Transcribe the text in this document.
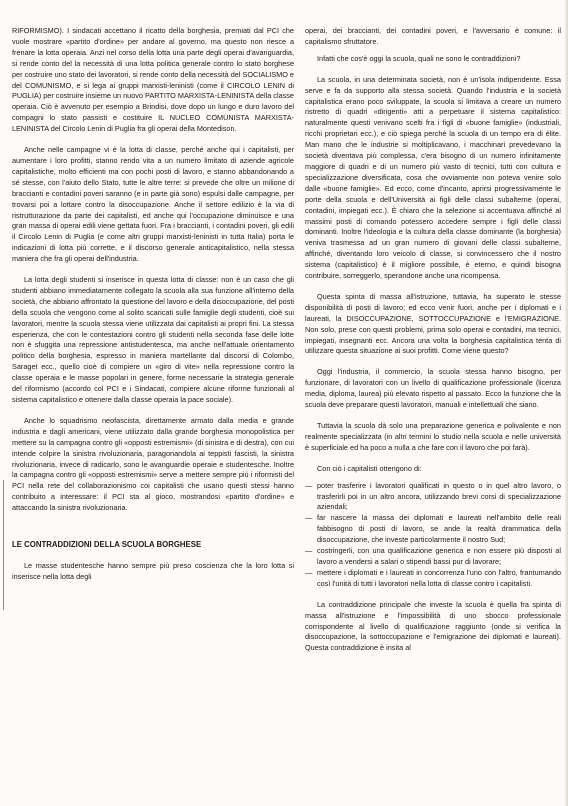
RIFORMISMO). I sindacati accettano il ricatto della borghesia, premiati dal PCI che vuole mostrare «partito d'ordine» per andare al governo, ma questo non riesce a frenare la lotta operaia. Anzi nel corso della lotta una parte degli operai d'avanguardia, si rende conto del la necessità di una lotta politica generale contro lo stato borghese per costruire uno stato dei lavoratori, si rende conto della necessità del SOCIALISMO e del COMUNISMO, e si lega ai gruppi marxisti-leninisti (come il CIRCOLO LENIN di PUGLIA) per costruire insieme un nuovo PARTITO MARXISTA-LENINISTA della classe operaia. Ciò è avvenuto per esempio a Brindisi, dove dopo un lungo e duro lavoro del compagni lo stato passisti e costituire IL NUCLEO COMUNISTA MARXISTA-LENINISTA del Circolo Lenin di Puglia fra gli operai della Montedison.

Anche nelle campagne vi è la lotta di classe, perché anche qui i capitalisti, per aumentare i loro profitti, stanno rendo vita a un numero limitato di aziende agricole capitalistiche, molto efficienti ma con pochi posti di lavoro, e stanno abbandonando a sé stesse, con l'aiuto dello Stato, tutte le altre terre: si prevede che oltre un milione di braccianti e contadini poveri saranno (e in parte già sono) espulsi dalle campagne, per trovarsi poi a lottare contro la disoccupazione. Anche il settore edilizio è la via di ristrutturazione da parte dei capitalisti, ed anche qui l'occupazione diminuisce e una gran massa di operai edili viene gettata fuori. Fra i braccianti, i contadini poveri, gli edili il Circolo Lenin di Puglia (e come altri gruppi marxisti-leninisti in tutta Italia) porta le indicazioni di lotta più corrette, e il discorso generale anticapitalistico, nella stessa maniera che fra gli operai dell'industria.

La lotta degli studenti si inserisce in questa lotta di classe: non è un caso che gli studenti abbiano immediatamente collegato la scuola alla sua funzione all'interno della società, che abbiano affrontato la questione del lavoro e della disoccupazione, del posti della scuola che vengono come al solito scaricati sulle famiglie degli studenti, cioè sui lavoratori, mentre la scuola stessa viene utilizzata dai capitalisti ai propri fini. La stessa esperienza, che con le contestazioni contro gli studenti nella seconda fase delle lotte non è sfuggita una repressione antistudentesca, ma anche nell'attuale orientamento politico della borghesia, espresso in maniera martellante dal discorsi di Colombo, Saraget ecc., quello cioè di compiere un «giro di vite» nella repressione contro la classe operaia e le masse popolari in genere, forme necessarie la strategia generale del riformismo (accordo col PCI e i Sindacati, compiere alcune riforme funzionali al sistema capitalistico e ottenere dalla classe operaia la pace sociale).

Anche lo squadrismo neofascista, direttamente armato dalla media e grande industria e dagli americani, viene utilizzato dalla grande borghesia monopolistica per mettere su la campagna contro gli «opposti estremismi» (di sinistra e di destra), con cui intende colpire la sinistra rivoluzionaria, paragonandola ai teppisti fascisti, la sinistra rivoluzionaria, invece di radicarlo, sono le avanguardie operaie e studentesche. Inoltre la campagna contro gli «opposti estremismi» serve a mettere sempre più i riformisti del PCI nella rete del collaborazionismo coi capitalisti che usano questi stessi hanno contribuito a interessare: il PCI sta al gioco, mostrandosi «partito d'ordine» e attaccando la sinistra rivoluzionaria.

LE CONTRADDIZIONI DELLA SCUOLA BORGHESE

Le masse studentesche hanno sempre più preso coscienza che la loro lotta si inserisce nella lotta degli

operai, dei braccianti, dei contadini poveri, e l'avversario è comune: il capitalismo sfruttatore.

Infatti che cos'è oggi la scuola, quali ne sono le contraddizioni?

La scuola, in una determinata società, non è un'isola indipendente. Essa serve e fa da supporto alla stessa società. Quando l'industria e la società capitalistica erano poco sviluppate, la scuola si limitava a creare un numero ristretto di quadri «dirigenti» atti a perpetuare il sistema capitalistico: naturalmente questi venivano scelti fra i figli di «buone famiglie» (industriali, ricchi proprietari ecc.), e ciò spiega perché la scuola di un tempo era di élite. Man mano che le industrie si moltiplicavano, i macchinari prevedevano la società diventava più complessa, c'era bisogno di un numero infinitamente maggiore di quadri e di un numero più vasto di tecnici, tutti con cultura e specializzazione diversificata, cosa che ovviamente non poteva venire solo dalle «buone famiglie». Ed ecco, come d'incanto, aprirsi progressivamente le porte della scuola e dell'Università ai figli delle classi subalterne (operai, contadini, impiegati ecc.). È chiaro che la selezione si accentuava affinché al massimi posti di comando potessero accedere sempre i figli delle classi dominanti. Inoltre l'ideologia e la cultura della classe dominante (la borghesia) veniva trasmessa ad un gran numero di giovani delle classi subalterne, affinché, diventando loro veicolo di classe, si convincessero che il nostro sistema (capitalistico) è il migliore possibile, è eterno, e quindi bisogna contribuire, sorreggerlo, sperandone anche una ricompensa.

Questa spinta di massa all'istruzione, tuttavia, ha superato le stesse disponibilità di posti di lavoro; ed ecco venir fuori, anche per i diplomati e i laureati, la DISOCCUPAZIONE, SOTTOCCUPAZIONE e l'EMIGRAZIONE. Non solo, prese con questi problemi, prima solo operai e contadini, ma tecnici, impiegati, insegnanti ecc. Ancora una volta la borghesia capitalistica tenta di utilizzare questa situazione ai suoi profitti. Come viene questo?

Oggi l'industria, il commercio, la scuola stessa hanno bisogno, per funzionare, di lavoratori con un livello di qualificazione professionale (licenza media, diploma, laurea) più elevato rispetto al passato. Ecco la funzione che la scuola deve preparare questi lavoratori, manuali e intellettuali che siano.

Tuttavia la scuola dà solo una preparazione generica e polivalente e non realmente specializzata (in altri termini lo studio nella scuola e nelle università è superficiale ed ha poco a nulla a che fare con il lavoro che poi farà).

Con ciò i capitalisti ottengono di:

— poter trasferire i lavoratori qualificati in questo o in quel altro lavoro, o trasferirli poi in un altro ancora, utilizzando brevi corsi di specializzazione aziendali;
— far nascere la massa dei diplomati e laureati nell'ambito delle reali fabbisogno di posti di lavoro, se ande la realtà drammatica della disoccupazione, che investe particolarmente il nostro Sud;
— costringerli, con una qualificazione generica e non essere più disposti al lavoro a vendersi a salari o stipendi bassi pur di lavorare;
— mettere i diplomati e i laureati in concorrenza l'uno con l'altro, frantumando così l'unità di tutti i lavoratori nella lotta di classe contro i capitalisti.

La contraddizione principale che investe la scuola è quella fra spinta di massa all'istruzione e l'impossibilità di uno sbocco professionale corrispondente al livello di qualificazione raggiunto (onde si verifica la disoccupazione, la sottoccupazione e l'emigrazione dei diplomati e laureati). Questa contraddizione è insita al
